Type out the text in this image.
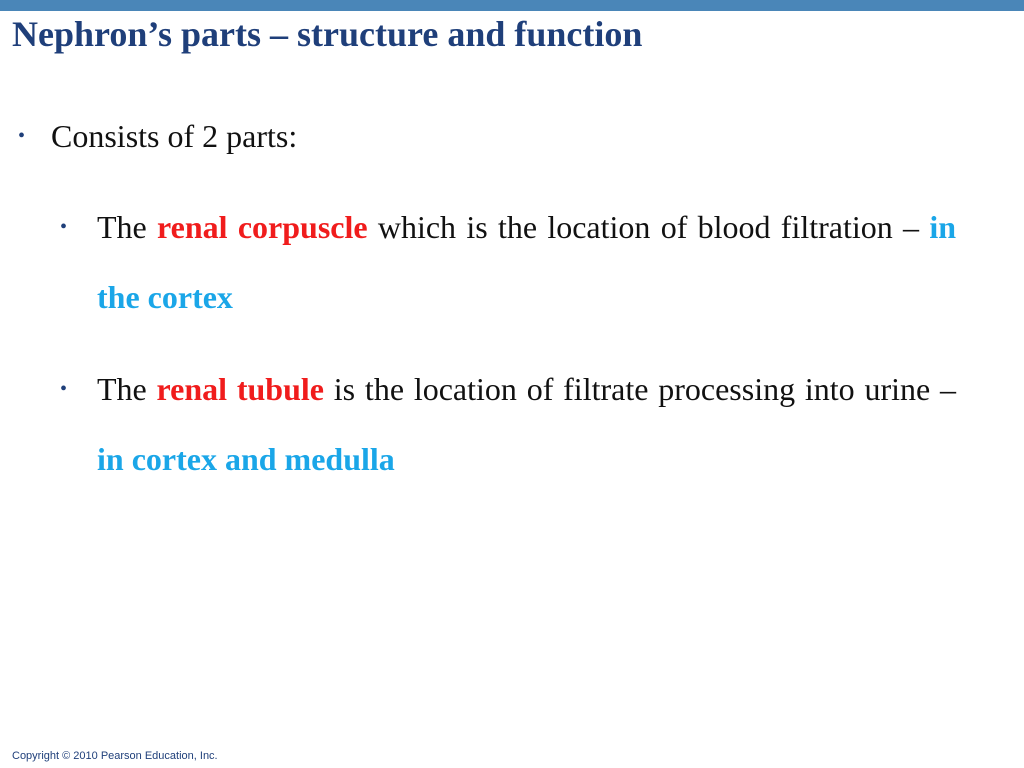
Nephron’s parts – structure and function
• Consists of 2 parts:
• The renal corpuscle which is the location of blood filtration – in the cortex
• The renal tubule is the location of filtrate processing into urine – in cortex and medulla
Copyright © 2010 Pearson Education, Inc.
